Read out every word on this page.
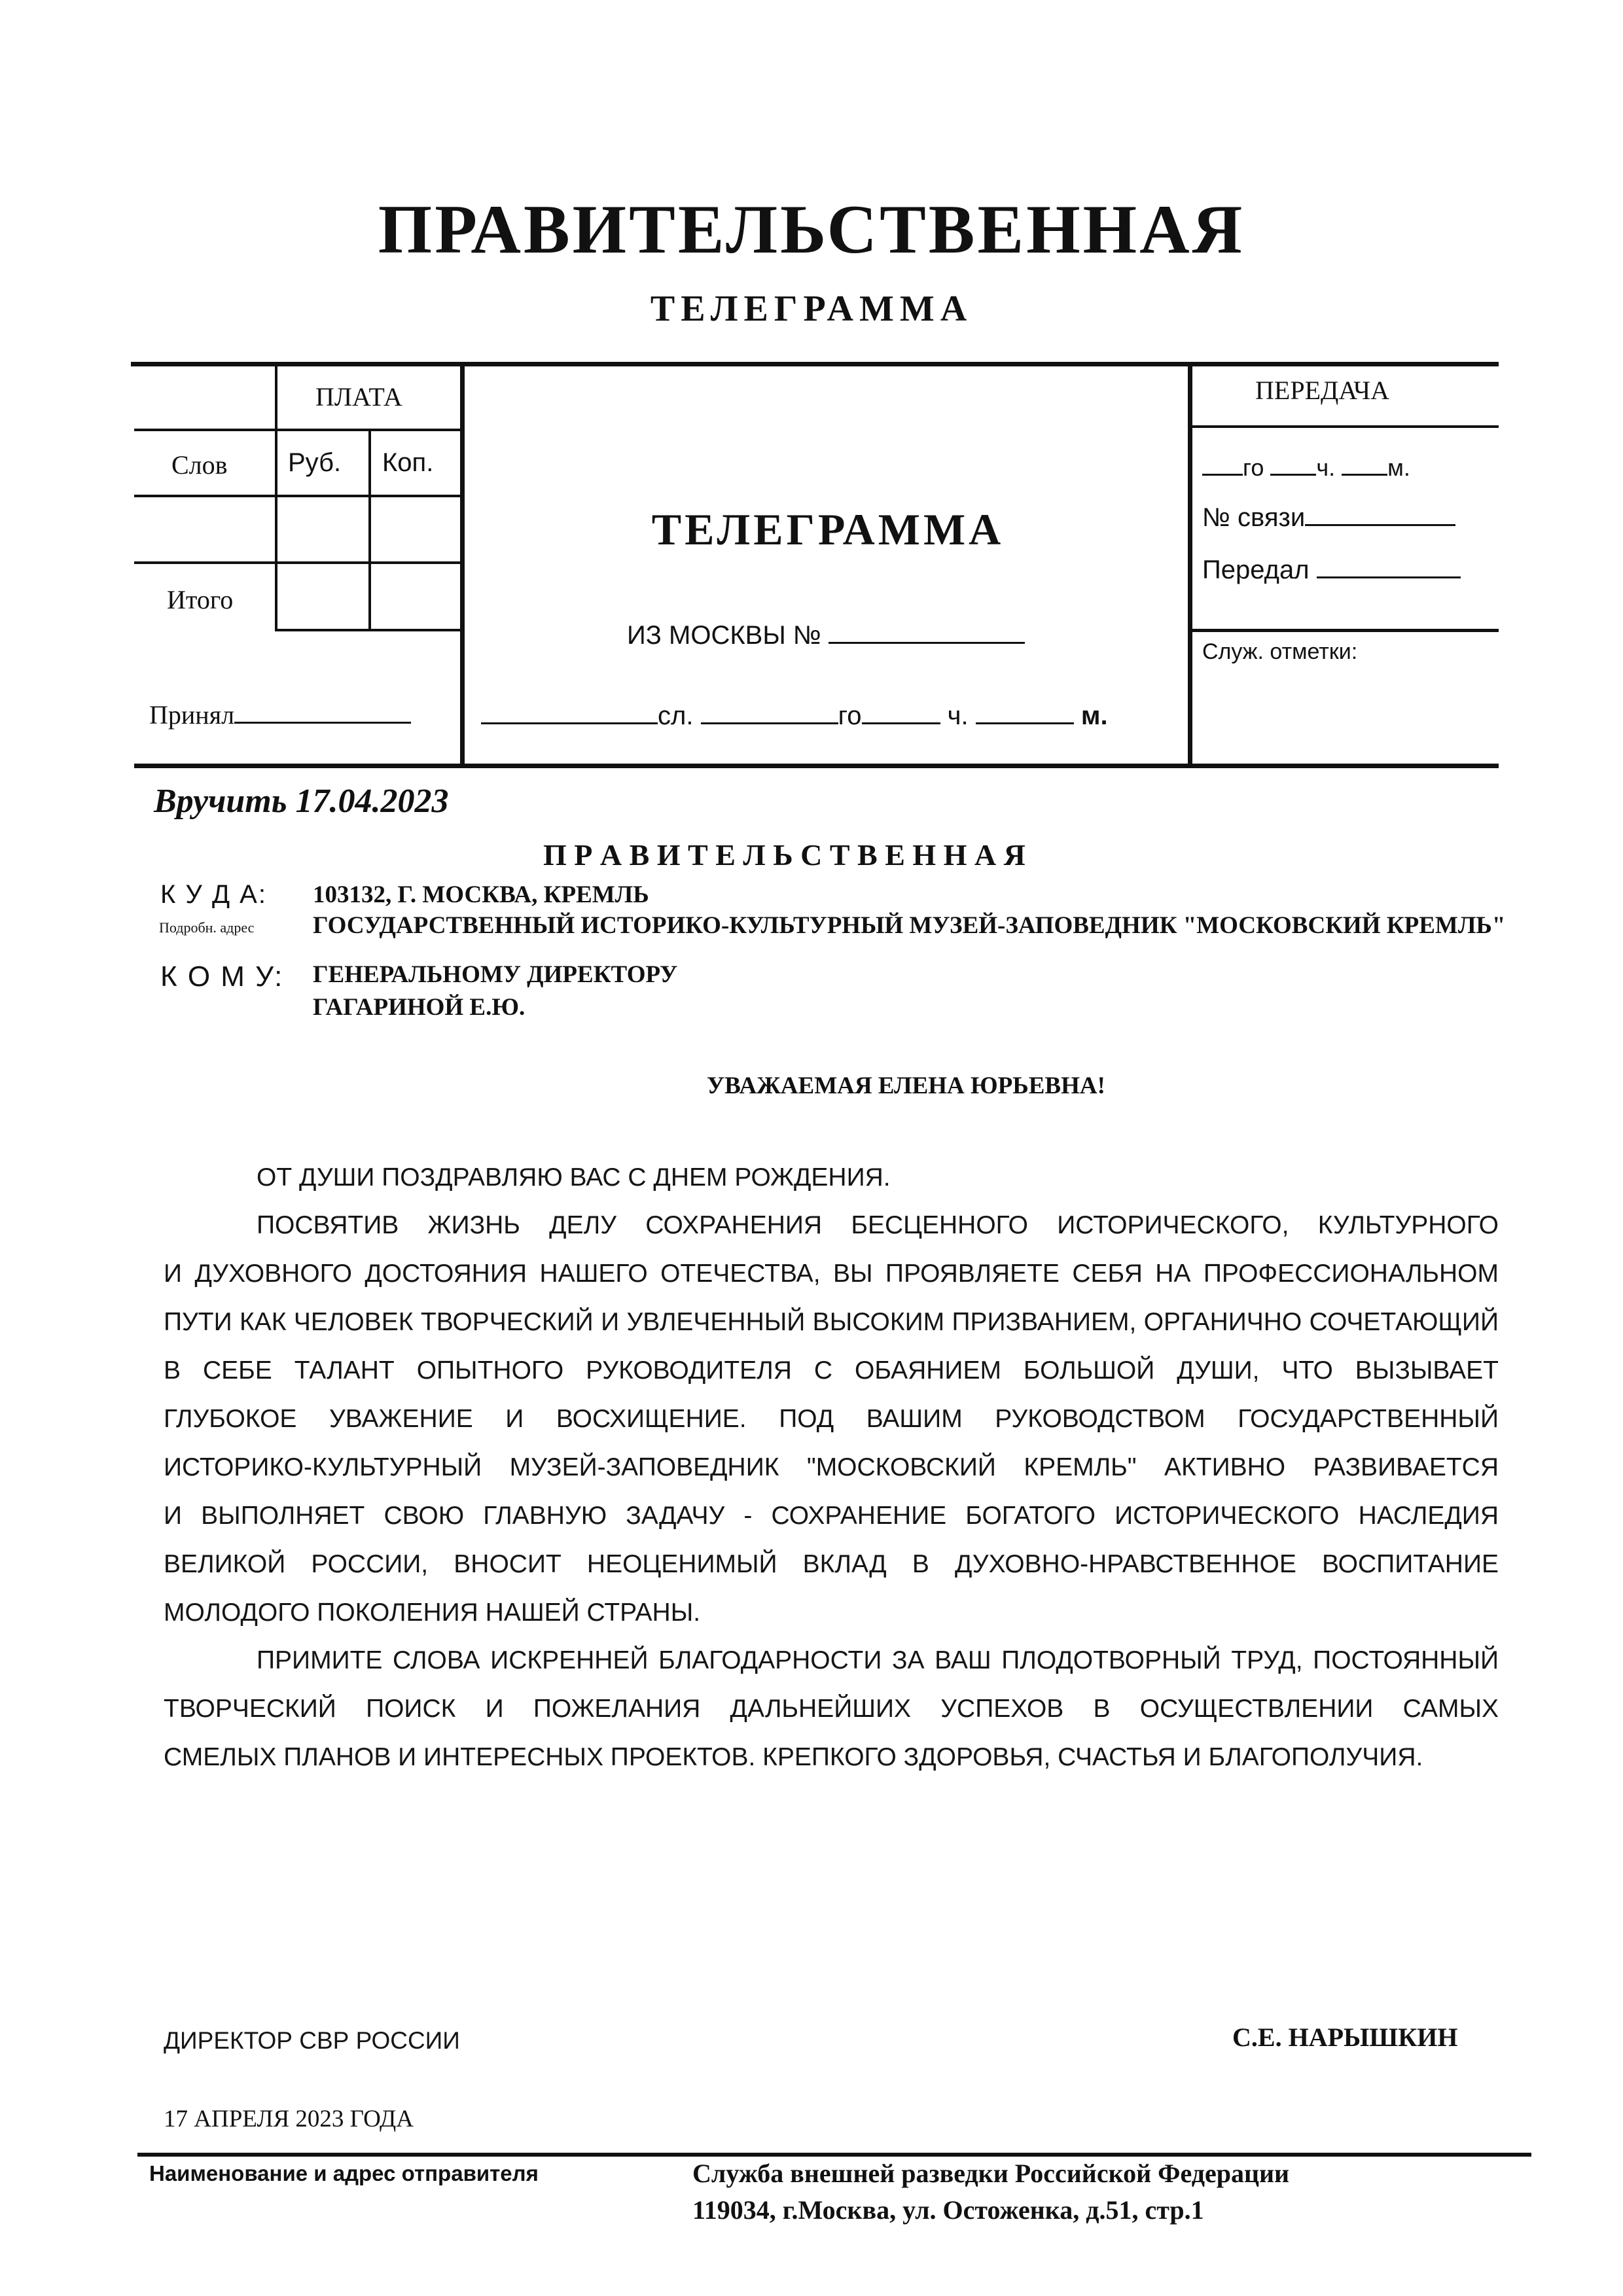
ПРАВИТЕЛЬСТВЕННАЯ
ТЕЛЕГРАММА
ПЛАТА
Слов Руб. Коп.
Итого
Принял
ТЕЛЕГРАММА
ИЗ МОСКВЫ №
сл.	го	ч.	м.
ПЕРЕДАЧА
го ч. м.
№ связи
Передал
Служ. отметки:
Вручить 17.04.2023
П Р А В И Т Е Л Ь С Т В Е Н Н А Я
К У Д А: 103132, Г. МОСКВА, КРЕМЛЬ
Подробн. адрес ГОСУДАРСТВЕННЫЙ ИСТОРИКО-КУЛЬТУРНЫЙ МУЗЕЙ-ЗАПОВЕДНИК "МОСКОВСКИЙ КРЕМЛЬ"
К О М У: ГЕНЕРАЛЬНОМУ ДИРЕКТОРУ
ГАГАРИНОЙ Е.Ю.
УВАЖАЕМАЯ ЕЛЕНА ЮРЬЕВНА!
ОТ ДУШИ ПОЗДРАВЛЯЮ ВАС С ДНЕМ РОЖДЕНИЯ.
ПОСВЯТИВ ЖИЗНЬ ДЕЛУ СОХРАНЕНИЯ БЕСЦЕННОГО ИСТОРИЧЕСКОГО, КУЛЬТУРНОГО
И ДУХОВНОГО ДОСТОЯНИЯ НАШЕГО ОТЕЧЕСТВА, ВЫ ПРОЯВЛЯЕТЕ СЕБЯ НА ПРОФЕССИОНАЛЬНОМ
ПУТИ КАК ЧЕЛОВЕК ТВОРЧЕСКИЙ И УВЛЕЧЕННЫЙ ВЫСОКИМ ПРИЗВАНИЕМ, ОРГАНИЧНО СОЧЕТАЮЩИЙ
В СЕБЕ ТАЛАНТ ОПЫТНОГО РУКОВОДИТЕЛЯ С ОБАЯНИЕМ БОЛЬШОЙ ДУШИ, ЧТО ВЫЗЫВАЕТ
ГЛУБОКОЕ УВАЖЕНИЕ И ВОСХИЩЕНИЕ. ПОД ВАШИМ РУКОВОДСТВОМ ГОСУДАРСТВЕННЫЙ
ИСТОРИКО-КУЛЬТУРНЫЙ МУЗЕЙ-ЗАПОВЕДНИК "МОСКОВСКИЙ КРЕМЛЬ" АКТИВНО РАЗВИВАЕТСЯ
И ВЫПОЛНЯЕТ СВОЮ ГЛАВНУЮ ЗАДАЧУ - СОХРАНЕНИЕ БОГАТОГО ИСТОРИЧЕСКОГО НАСЛЕДИЯ
ВЕЛИКОЙ РОССИИ, ВНОСИТ НЕОЦЕНИМЫЙ ВКЛАД В ДУХОВНО-НРАВСТВЕННОЕ ВОСПИТАНИЕ
МОЛОДОГО ПОКОЛЕНИЯ НАШЕЙ СТРАНЫ.
ПРИМИТЕ СЛОВА ИСКРЕННЕЙ БЛАГОДАРНОСТИ ЗА ВАШ ПЛОДОТВОРНЫЙ ТРУД, ПОСТОЯННЫЙ
ТВОРЧЕСКИЙ ПОИСК И ПОЖЕЛАНИЯ ДАЛЬНЕЙШИХ УСПЕХОВ В ОСУЩЕСТВЛЕНИИ САМЫХ
СМЕЛЫХ ПЛАНОВ И ИНТЕРЕСНЫХ ПРОЕКТОВ. КРЕПКОГО ЗДОРОВЬЯ, СЧАСТЬЯ И БЛАГОПОЛУЧИЯ.
ДИРЕКТОР СВР РОССИИ	С.Е. НАРЫШКИН
17 АПРЕЛЯ 2023 ГОДА
Наименование и адрес отправителя	Служба внешней разведки Российской Федерации
119034, г.Москва, ул. Остоженка, д.51, стр.1
